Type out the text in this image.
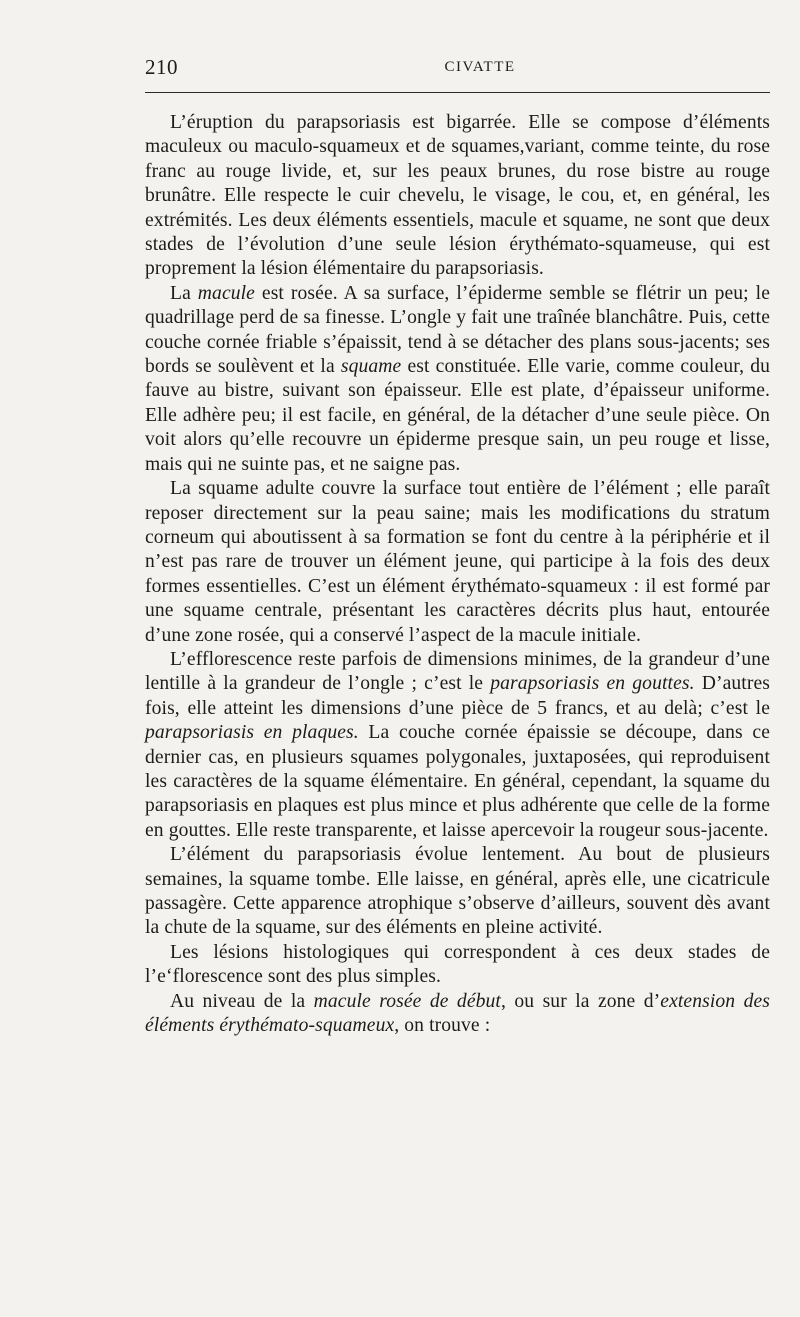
210	CIVATTE

L’éruption du parapsoriasis est bigarrée. Elle se compose d’éléments maculeux ou maculo-squameux et de squames,variant, comme teinte, du rose franc au rouge livide, et, sur les peaux brunes, du rose bistre au rouge brunâtre. Elle respecte le cuir chevelu, le visage, le cou, et, en général, les extrémités. Les deux éléments essentiels, macule et squame, ne sont que deux stades de l’évolution d’une seule lésion érythémato-squameuse, qui est proprement la lésion élémentaire du parapsoriasis.

La macule est rosée. A sa surface, l’épiderme semble se flétrir un peu; le quadrillage perd de sa finesse. L’ongle y fait une traînée blanchâtre. Puis, cette couche cornée friable s’épaissit, tend à se détacher des plans sous-jacents; ses bords se soulèvent et la squame est constituée. Elle varie, comme couleur, du fauve au bistre, suivant son épaisseur. Elle est plate, d’épaisseur uniforme. Elle adhère peu; il est facile, en général, de la détacher d’une seule pièce. On voit alors qu’elle recouvre un épiderme presque sain, un peu rouge et lisse, mais qui ne suinte pas, et ne saigne pas.

La squame adulte couvre la surface tout entière de l’élément ; elle paraît reposer directement sur la peau saine; mais les modifications du stratum corneum qui aboutissent à sa formation se font du centre à la périphérie et il n’est pas rare de trouver un élément jeune, qui participe à la fois des deux formes essentielles. C’est un élément érythémato-squameux : il est formé par une squame centrale, présentant les caractères décrits plus haut, entourée d’une zone rosée, qui a conservé l’aspect de la macule initiale.

L’efflorescence reste parfois de dimensions minimes, de la grandeur d’une lentille à la grandeur de l’ongle ; c’est le parapsoriasis en gouttes. D’autres fois, elle atteint les dimensions d’une pièce de 5 francs, et au delà; c’est le parapsoriasis en plaques. La couche cornée épaissie se découpe, dans ce dernier cas, en plusieurs squames polygonales, juxtaposées, qui reproduisent les caractères de la squame élémentaire. En général, cependant, la squame du parapsoriasis en plaques est plus mince et plus adhérente que celle de la forme en gouttes. Elle reste transparente, et laisse apercevoir la rougeur sous-jacente.

L’élément du parapsoriasis évolue lentement. Au bout de plusieurs semaines, la squame tombe. Elle laisse, en général, après elle, une cicatricule passagère. Cette apparence atrophique s’observe d’ailleurs, souvent dès avant la chute de la squame, sur des éléments en pleine activité.

Les lésions histologiques qui correspondent à ces deux stades de l’e‘florescence sont des plus simples.

Au niveau de la macule rosée de début, ou sur la zone d’extension des éléments érythémato-squameux, on trouve :
